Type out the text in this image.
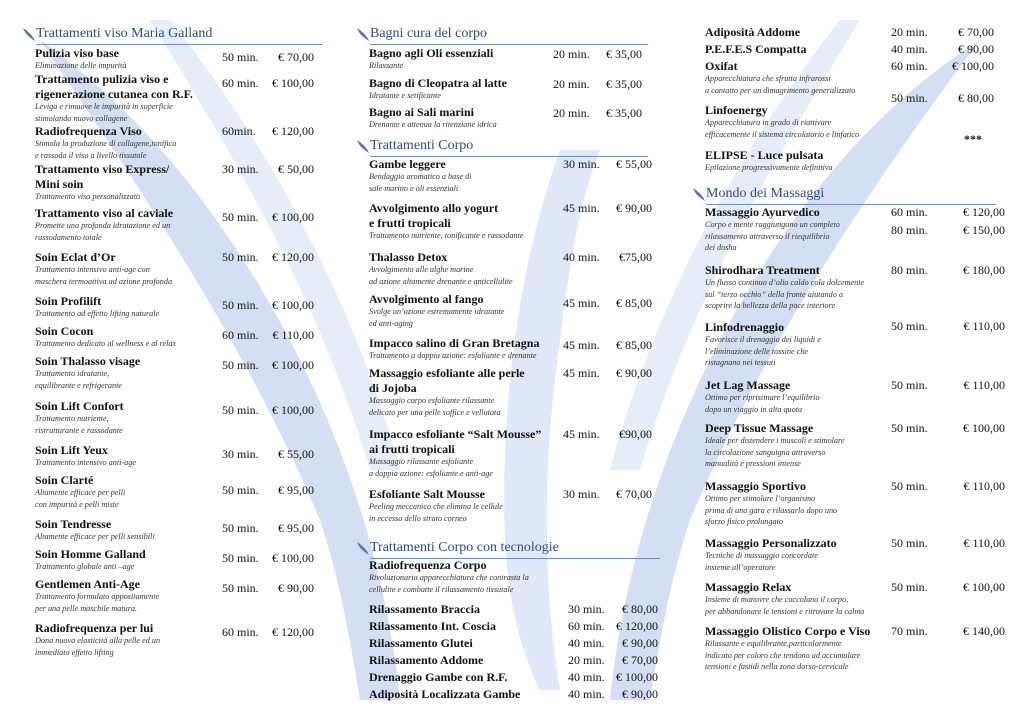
Trattamenti viso Maria Galland
Pulizia viso base
Eliminazione delle impurità
50 min.	€ 70,00
Trattamento pulizia viso e
rigenerazione cutanea con R.F.
Leviga e rimuove le impurità in superficie
stimolando nuovo collagene
60 min.	€ 100,00
Radiofrequenza Viso
Stimola la produzione di collagene,tonifica
e rassoda il viso a livello tissutale
60min.	€ 120,00
Trattamento viso Express/
Mini soin
Trattamento viso personalizzato
30 min.	€ 50,00
Trattamento viso al caviale
Promette una profonda idratazione ed un
rassodamento totale
50 min.	€ 100,00
Soin Eclat d’Or
Trattamento intensivo anti-age con
maschera termoattiva ad azione profonda
50 min.	€ 120,00
Soin Profilift
Trattamento ad effetto lifting naturale
50 min.	€ 100,00
Soin Cocon
Trattamento dedicato al wellness e al relax
60 min.	€ 110,00
Soin Thalasso visage
Trattamento idratante,
equilibrante e refrigerante
50 min.	€ 100,00
Soin Lift Confort
Trattamento nutriente,
ristrutturante e rassodante
50 min.	€ 100,00
Soin Lift Yeux
Trattamento intensivo anti-age
30 min.	€ 55,00
Soin Clarté
Altamente efficace per pelli
con impurità e pelli miste
50 min.	€ 95,00
Soin Tendresse
Altamente efficace per pelli sensibili
50 min.	€ 95,00
Soin Homme Galland
Trattamento globale anti –age
50 min.	€ 100,00
Gentlemen Anti-Age
Trattamento formulato appositamente
per una pelle maschile matura.
50 min.	€ 90,00
Radiofrequenza per lui
Dona nuova elasticità alla pelle ed un
immediato effetto lifting
60 min.	€ 120,00
Bagni cura del corpo
Bagno agli Oli essenziali
Rilassante
20 min.	€ 35,00
Bagno di Cleopatra al latte
Idratante e setificante
20 min.	€ 35,00
Bagno ai Sali marini
Drenante e attenua la ritenzione idrica
20 min.	€ 35,00
Trattamenti Corpo
Gambe leggere
Bendaggio aromatico a base di
sale marino e oli essenziali
30 min.	€ 55,00
Avvolgimento allo yogurt
e frutti tropicali
Trattamento nutriente, tonificante e rassodante
45 min.	€ 90,00
Thalasso Detox
Avvolgimento alle alghe marine
ad azione altamente drenante e anticellulite
40 min.	€75,00
Avvolgimento al fango
Svolge un’azione estremamente idratante
ed anti-aging
45 min.	€ 85,00
Impacco salino di Gran Bretagna
Trattamento a doppia azione: esfoliante e drenante
45 min.	€ 85,00
Massaggio esfoliante alle perle
di Jojoba
Massaggio corpo esfoliante rilassante
delicato per una pelle soffice e vellutata
45 min.	€ 90,00
Impacco esfoliante “Salt Mousse”
ai frutti tropicali
Massaggio rilassante esfoliante
a doppia azione: esfoliante e anti-age
45 min.	€90,00
Esfoliante Salt Mousse
Peeling meccanico che elimina le cellule
in eccesso dello strato corneo
30 min.	€ 70,00
Trattamenti Corpo con tecnologie
Radiofrequenza Corpo
Rivoluzionaria apparecchiatura che contrasta la
cellulite e combatte il rilassamento tissutale
Rilassamento Braccia	30 min.	€ 80,00
Rilassamento Int. Coscia	60 min. € 120,00
Rilassamento Glutei	40 min.	€ 90,00
Rilassamento Addome	20 min.	€ 70,00
Drenaggio Gambe con R.F.	40 min. € 100,00
Adiposità Localizzata Gambe	40 min.	€ 90,00
Adiposità Addome	20 min.	€ 70,00
P.E.F.E.S Compatta	40 min.	€ 90,00
Oxifat
Apparecchiatura che sfrutta infrarossi
a contatto per un dimagrimento generalizzato
60 min.	€ 100,00
Linfoenergy
Apparecchiatura in grado di riattivare
efficacemente il sistema circolatorio e linfatico
50 min.	€ 80,00
ELIPSE - Luce pulsata
Epilazione progressivamente definitiva
***
Mondo dei Massaggi
Massaggio Ayurvedico
Corpo e mente raggiungono un completo
rilassamento attraverso il riequilibrio
dei dosha
60 min.	€ 120,00
80 min.	€ 150,00
Shirodhara Treatment
Un flusso continuo d’olio caldo cola dolcemente
sul “terzo occhio” della fronte aiutando a
scoprire la bellezza della pace interiore
80 min.	€ 180,00
Linfodrenaggio
Favorisce il drenaggio dei liquidi e
l’eliminazione delle tossine che
ristagnano nei tessuti
50 min.	€ 110,00
Jet Lag Massage
Ottimo per ripristinare l’equilibrio
dopo un viaggio in alta quota
50 min.	€ 110,00
Deep Tissue Massage
Ideale per distendere i muscoli e stimolare
la circolazione sanguigna attraverso
manualità e pressioni intense
50 min.	€ 100,00
Massaggio Sportivo
Ottimo per stimolare l’organismo
prima di una gara e rilassarlo dopo uno
sforzo fisico prolungato
50 min.	€ 110,00
Massaggio Personalizzato
Tecniche di massaggio concordate
insieme all’operatore
50 min.	€ 110,00
Massaggio Relax
Insieme di manovre che coccolano il corpo,
per abbandonare le tensioni e ritrovare la calma
50 min.	€ 100,00
Massaggio Olistico Corpo e Viso
Rilassante e equilibrante,particolarmente
indicato per coloro che tendono ad accumulare
tensioni e fastidi nella zona dorso-cervicale
70 min.	€ 140,00
